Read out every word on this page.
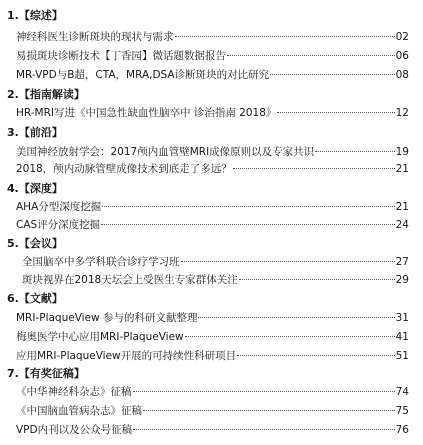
1.【综述】
神经科医生诊断斑块的现状与需求	02
易损斑块诊断技术【丁香园】微话题数据报告	06
MR-VPD与B超，CTA，MRA,DSA诊断斑块的对比研究	08
2.【指南解读】
HR-MRI写进《中国急性缺血性脑卒中 诊治指南 2018》	12
3.【前沿】
美国神经放射学会：2017颅内血管壁MRI成像原则以及专家共识	19
2018，颅内动脉管壁成像技术到底走了多远？	21
4.【深度】
AHA分型深度挖掘	21
CAS评分深度挖掘	24
5.【会议】
全国脑卒中多学科联合诊疗学习班	27
斑块视界在2018天坛会上受医生专家群体关注	29
6.【文献】
MRI-PlaqueView 参与的科研文献整理	31
梅奥医学中心应用MRI-PlaqueView	41
应用MRI-PlaqueView开展的可持续性科研项目	51
7.【有奖征稿】
《中华神经科杂志》征稿	74
《中国脑血管病杂志》征稿	75
VPD内刊以及公众号征稿	76
